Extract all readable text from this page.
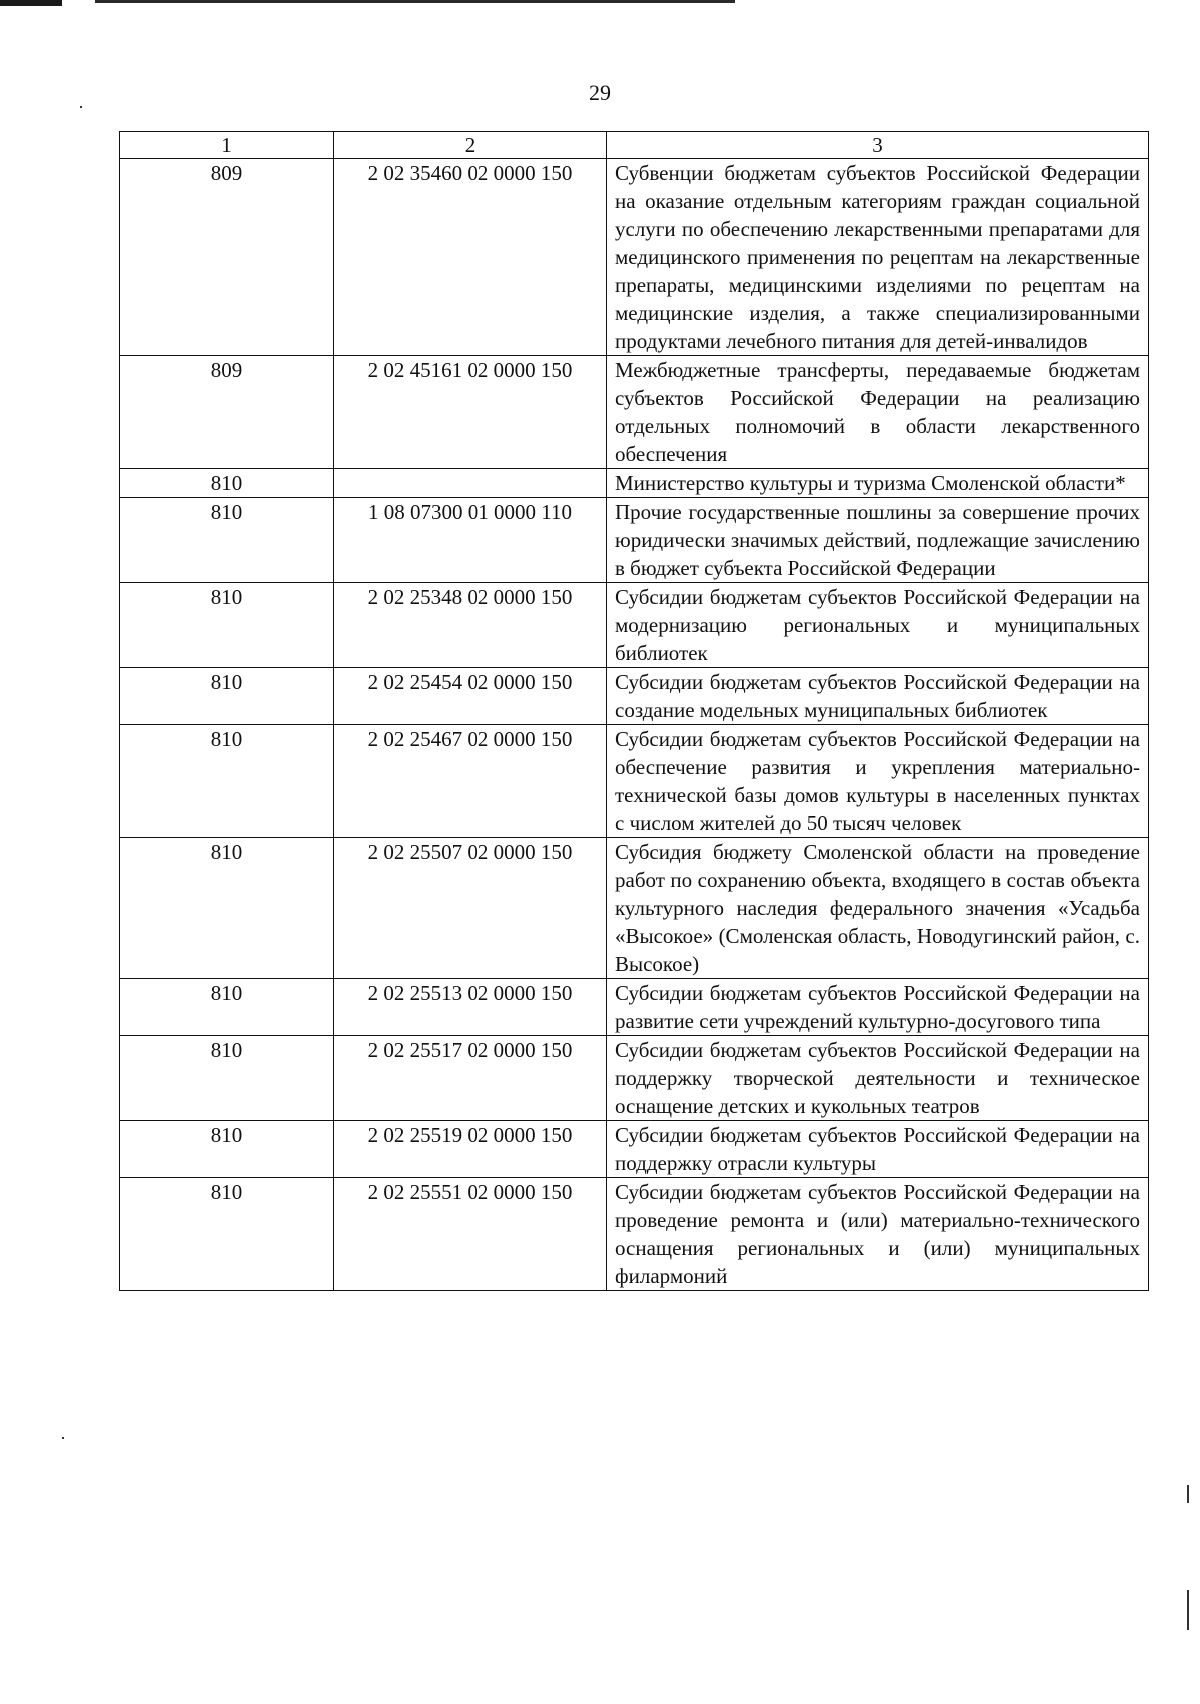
29
1	2	3
809	2 02 35460 02 0000 150	Субвенции бюджетам субъектов Российской Федерации на оказание отдельным категориям граждан социальной услуги по обеспечению лекарственными препаратами для медицинского применения по рецептам на лекарственные препараты, медицинскими изделиями по рецептам на медицинские изделия, а также специализированными продуктами лечебного питания для детей-инвалидов
809	2 02 45161 02 0000 150	Межбюджетные трансферты, передаваемые бюджетам субъектов Российской Федерации на реализацию отдельных полномочий в области лекарственного обеспечения
810		Министерство культуры и туризма Смоленской области*
810	1 08 07300 01 0000 110	Прочие государственные пошлины за совершение прочих юридически значимых действий, подлежащие зачислению в бюджет субъекта Российской Федерации
810	2 02 25348 02 0000 150	Субсидии бюджетам субъектов Российской Федерации на модернизацию региональных и муниципальных библиотек
810	2 02 25454 02 0000 150	Субсидии бюджетам субъектов Российской Федерации на создание модельных муниципальных библиотек
810	2 02 25467 02 0000 150	Субсидии бюджетам субъектов Российской Федерации на обеспечение развития и укрепления материально-технической базы домов культуры в населенных пунктах с числом жителей до 50 тысяч человек
810	2 02 25507 02 0000 150	Субсидия бюджету Смоленской области на проведение работ по сохранению объекта, входящего в состав объекта культурного наследия федерального значения «Усадьба «Высокое» (Смоленская область, Новодугинский район, с. Высокое)
810	2 02 25513 02 0000 150	Субсидии бюджетам субъектов Российской Федерации на развитие сети учреждений культурно-досугового типа
810	2 02 25517 02 0000 150	Субсидии бюджетам субъектов Российской Федерации на поддержку творческой деятельности и техническое оснащение детских и кукольных театров
810	2 02 25519 02 0000 150	Субсидии бюджетам субъектов Российской Федерации на поддержку отрасли культуры
810	2 02 25551 02 0000 150	Субсидии бюджетам субъектов Российской Федерации на проведение ремонта и (или) материально-технического оснащения региональных и (или) муниципальных филармоний
